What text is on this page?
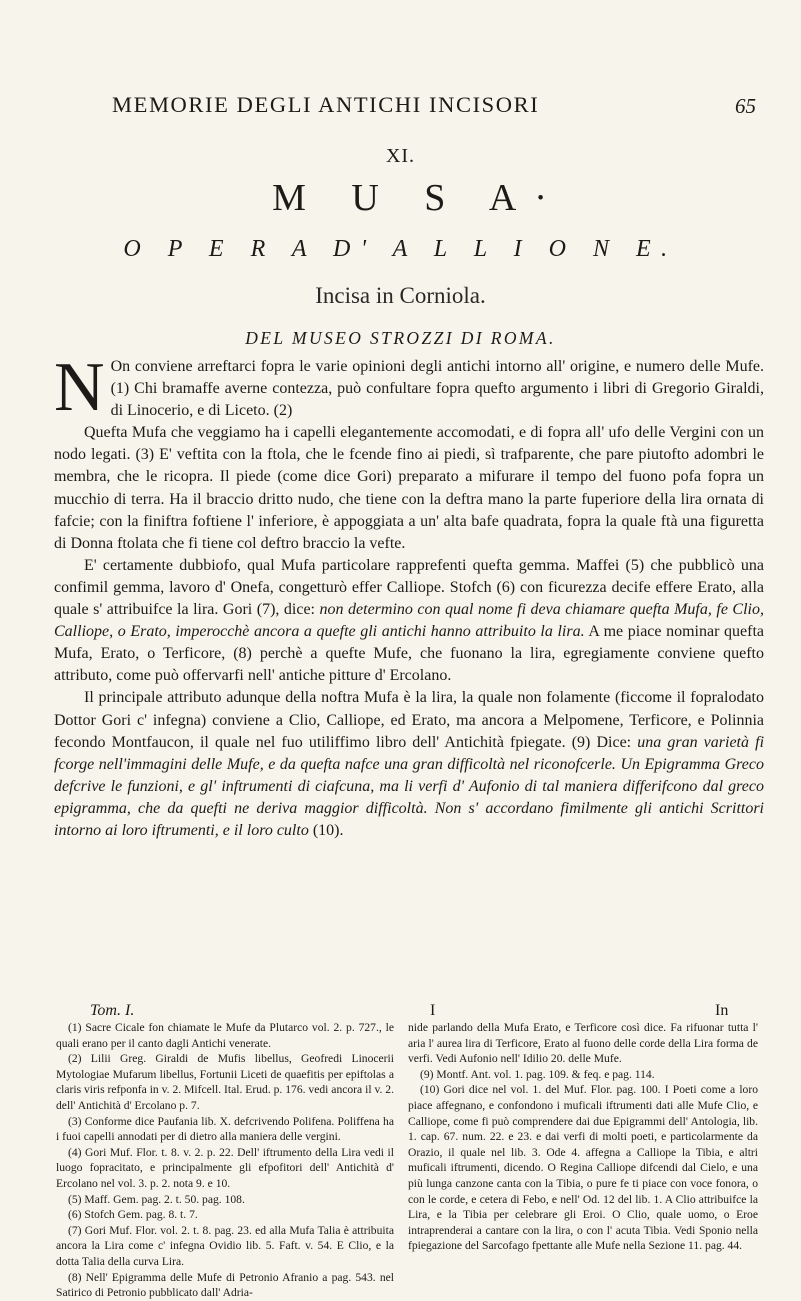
MEMORIE DEGLI ANTICHI INCISORI	65
XI.
M U S A·
O P E R A D' A L L I O N E.
Incisa in Corniola.
DEL MUSEO STROZZI DI ROMA.

N On conviene arreftarci fopra le varie opinioni degli antichi intorno all' origine, e numero delle Mufe. (1) Chi bramaffe averne contezza, può confultare fopra quefto argumento i libri di Gregorio Giraldi, di Linocerio, e di Liceto. (2)

Quefta Mufa che veggiamo ha i capelli elegantemente accomodati, e di fopra all' ufo delle Vergini con un nodo legati. (3) E' veftita con la ftola, che le fcende fino ai piedi, sì trafparente, che pare piutofto adombri le membra, che le ricopra. Il piede (come dice Gori) preparato a mifurare il tempo del fuono pofa fopra un mucchio di terra. Ha il braccio dritto nudo, che tiene con la deftra mano la parte fuperiore della lira ornata di fafcie; con la finiftra foftiene l' inferiore, è appoggiata a un' alta bafe quadrata, fopra la quale ftà una figuretta di Donna ftolata che fi tiene col deftro braccio la vefte.

E' certamente dubbiofo, qual Mufa particolare rapprefenti quefta gemma. Maffei (5) che pubblicò una confimil gemma, lavoro d' Onefa, congetturò effer Calliope. Stofch (6) con ficurezza decife effere Erato, alla quale s' attribuifce la lira. Gori (7), dice: non determino con qual nome fi deva chiamare quefta Mufa, fe Clio, Calliope, o Erato, imperocchè ancora a quefte gli antichi hanno attribuito la lira. A me piace nominar quefta Mufa, Erato, o Terficore, (8) perchè a quefte Mufe, che fuonano la lira, egregiamente conviene quefto attributo, come può offervarfi nell' antiche pitture d' Ercolano.

Il principale attributo adunque della noftra Mufa è la lira, la quale non folamente (ficcome il fopralodato Dottor Gori c' infegna) conviene a Clio, Calliope, ed Erato, ma ancora a Melpomene, Terficore, e Polinnia fecondo Montfaucon, il quale nel fuo utiliffimo libro dell' Antichità fpiegate. (9) Dice: una gran varietà fi fcorge nell'immagini delle Mufe, e da quefta nafce una gran difficoltà nel riconofcerle. Un Epigramma Greco defcrive le funzioni, e gl' inftrumenti di ciafcuna, ma li verfi d' Aufonio di tal maniera differifcono dal greco epigramma, che da quefti ne deriva maggior difficoltà. Non s' accordano fimilmente gli antichi Scrittori intorno ai loro iftrumenti, e il loro culto (10).

Tom. I.	I	In

(1) Sacre Cicale fon chiamate le Mufe da Plutarco vol. 2. p. 727., le quali erano per il canto dagli Antichi venerate.

(2) Lilii Greg. Giraldi de Mufis libellus, Geofredi Linocerii Mytologiae Mufarum libellus, Fortunii Liceti de quaefitis per epiftolas a claris viris refponfa in v. 2. Mifcell. Ital. Erud. p. 176. vedi ancora il v. 2. dell' Antichità d' Ercolano p. 7.

(3) Conforme dice Paufania lib. X. defcrivendo Polifena. Poliffena ha i fuoi capelli annodati per di dietro alla maniera delle vergini.

(4) Gori Muf. Flor. t. 8. v. 2. p. 22. Dell' iftrumento della Lira vedi il luogo fopracitato, e principalmente gli efpofitori dell' Antichità d' Ercolano nel vol. 3. p. 2. nota 9. e 10.

(5) Maff. Gem. pag. 2. t. 50. pag. 108.

(6) Stofch Gem. pag. 8. t. 7.

(7) Gori Muf. Flor. vol. 2. t. 8. pag. 23. ed alla Mufa Talia è attribuita ancora la Lira come c' infegna Ovidio lib. 5. Faft. v. 54. E Clio, e la dotta Talia della curva Lira.

(8) Nell' Epigramma delle Mufe di Petronio Afranio a pag. 543. nel Satirico di Petronio pubblicato dall' Adria-

nide parlando della Mufa Erato, e Terficore così dice. Fa rifuonar tutta l' aria l' aurea lira di Terficore, Erato al fuono delle corde della Lira forma de verfi. Vedi Aufonio nell' Idilio 20. delle Mufe.

(9) Montf. Ant. vol. 1. pag. 109. & feq. e pag. 114.

(10) Gori dice nel vol. 1. del Muf. Flor. pag. 100. I Poeti come a loro piace affegnano, e confondono i muficali iftrumenti dati alle Mufe Clio, e Calliope, come fi può comprendere dai due Epigrammi dell' Antologia, lib. 1. cap. 67. num. 22. e 23. e dai verfi di molti poeti, e particolarmente da Orazio, il quale nel lib. 3. Ode 4. affegna a Calliope la Tibia, e altri muficali iftrumenti, dicendo. O Regina Calliope difcendi dal Cielo, e una più lunga canzone canta con la Tibia, o pure fe ti piace con voce fonora, o con le corde, e cetera di Febo, e nell' Od. 12 del lib. 1. A Clio attribuifce la Lira, e la Tibia per celebrare gli Eroi. O Clio, quale uomo, o Eroe intraprenderai a cantare con la lira, o con l' acuta Tibia. Vedi Sponio nella fpiegazione del Sarcofago fpettante alle Mufe nella Sezione 11. pag. 44.
